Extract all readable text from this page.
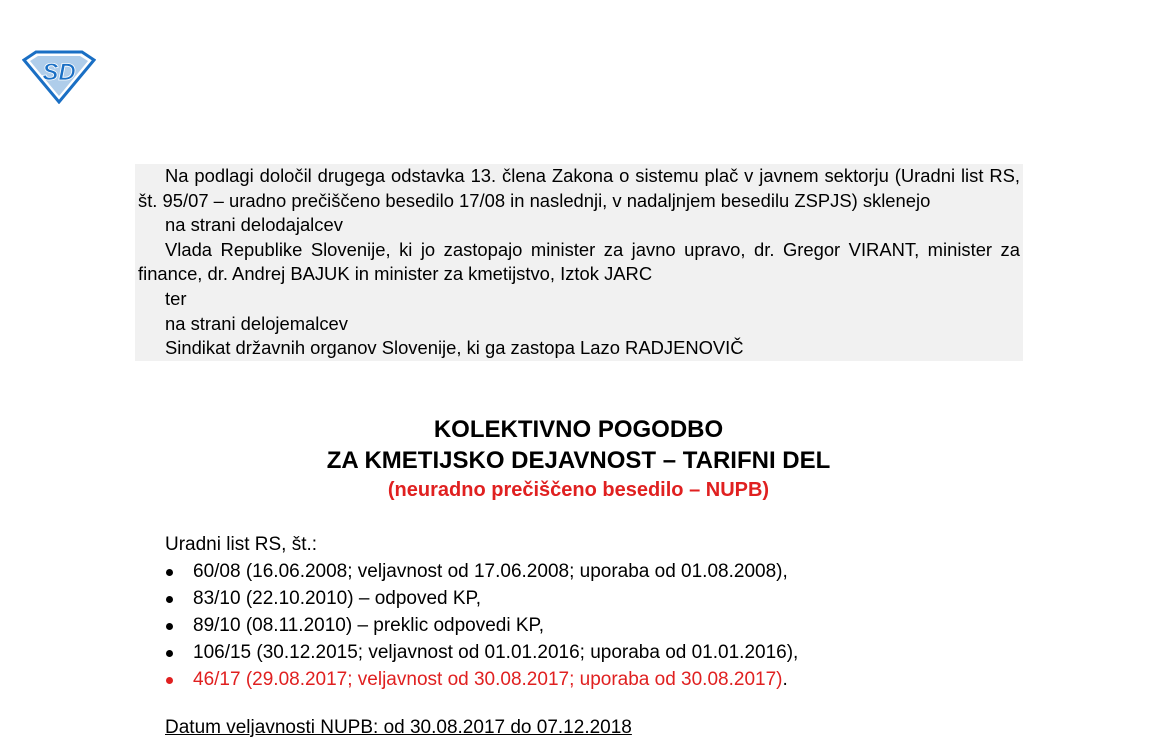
SD

Na podlagi določil drugega odstavka 13. člena Zakona o sistemu plač v javnem sektorju (Uradni list RS, št. 95/07 – uradno prečiščeno besedilo 17/08 in naslednji, v nadaljnjem besedilu ZSPJS) sklenejo

na strani delodajalcev

Vlada Republike Slovenije, ki jo zastopajo minister za javno upravo, dr. Gregor VIRANT, minister za finance, dr. Andrej BAJUK in minister za kmetijstvo, Iztok JARC

ter

na strani delojemalcev

Sindikat državnih organov Slovenije, ki ga zastopa Lazo RADJENOVIČ

KOLEKTIVNO POGODBO
ZA KMETIJSKO DEJAVNOST – TARIFNI DEL
(neuradno prečiščeno besedilo – NUPB)

Uradni list RS, št.:

60/08 (16.06.2008; veljavnost od 17.06.2008; uporaba od 01.08.2008),
83/10 (22.10.2010) – odpoved KP,
89/10 (08.11.2010) – preklic odpovedi KP,
106/15 (30.12.2015; veljavnost od 01.01.2016; uporaba od 01.01.2016),
46/17 (29.08.2017; veljavnost od 30.08.2017; uporaba od 30.08.2017).
Datum veljavnosti NUPB: od 30.08.2017 do 07.12.2018
